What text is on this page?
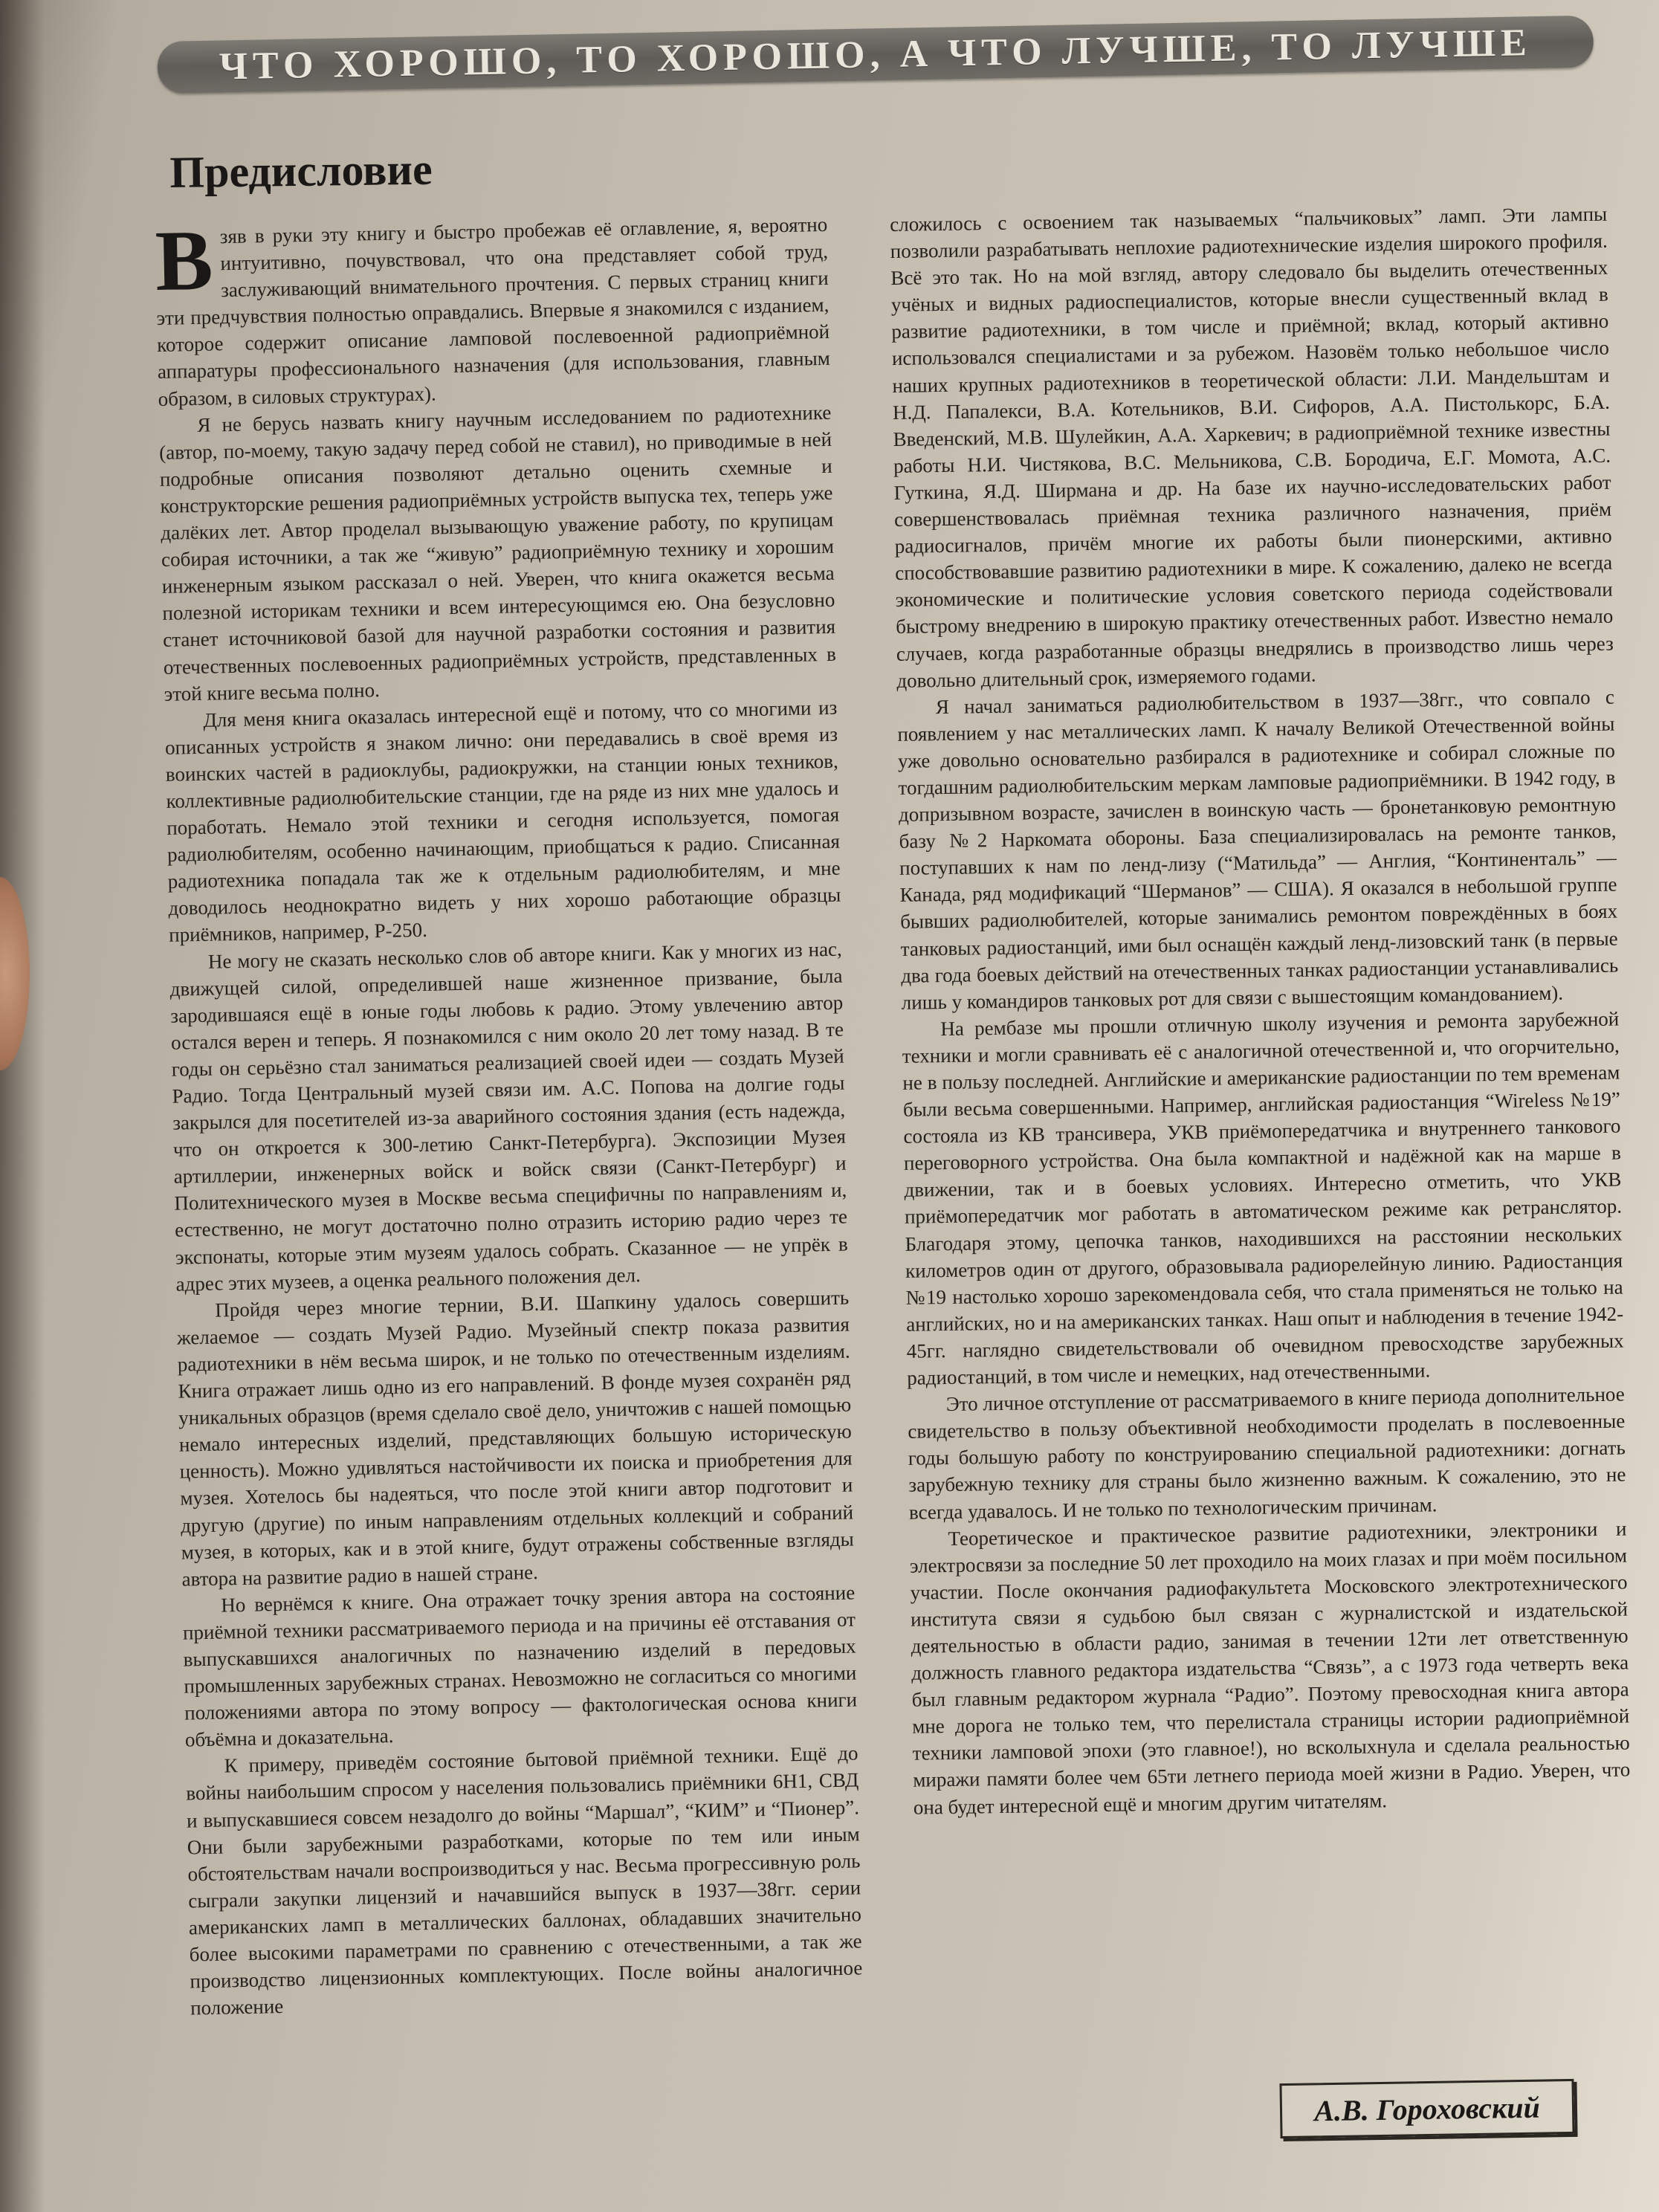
ЧТО ХОРОШО, ТО ХОРОШО, А ЧТО ЛУЧШЕ, ТО ЛУЧШЕ
Предисловие

Взяв в руки эту книгу и быстро пробежав её оглавление, я, вероятно интуитивно, почувствовал, что она представляет собой труд, заслуживающий внимательного прочтения. С первых страниц книги эти предчувствия полностью оправдались. Впервые я знакомился с изданием, которое содержит описание ламповой послевоенной радиоприёмной аппаратуры профессионального назначения (для использования, главным образом, в силовых структурах).

Я не берусь назвать книгу научным исследованием по радиотехнике (автор, по-моему, такую задачу перед собой не ставил), но приводимые в ней подробные описания позволяют детально оценить схемные и конструкторские решения радиоприёмных устройств выпуска тех, теперь уже далёких лет. Автор проделал вызывающую уважение работу, по крупицам собирая источники, а так же “живую” радиоприёмную технику и хорошим инженерным языком рассказал о ней. Уверен, что книга окажется весьма полезной историкам техники и всем интересующимся ею. Она безусловно станет источниковой базой для научной разработки состояния и развития отечественных послевоенных радиоприёмных устройств, представленных в этой книге весьма полно.

Для меня книга оказалась интересной ещё и потому, что со многими из описанных устройств я знаком лично: они передавались в своё время из воинских частей в радиоклубы, радиокружки, на станции юных техников, коллективные радиолюбительские станции, где на ряде из них мне удалось и поработать. Немало этой техники и сегодня используется, помогая радиолюбителям, особенно начинающим, приобщаться к радио. Списанная радиотехника попадала так же к отдельным радиолюбителям, и мне доводилось неоднократно видеть у них хорошо работающие образцы приёмников, например, Р-250.

Не могу не сказать несколько слов об авторе книги. Как у многих из нас, движущей силой, определившей наше жизненное призвание, была зародившаяся ещё в юные годы любовь к радио. Этому увлечению автор остался верен и теперь. Я познакомился с ним около 20 лет тому назад. В те годы он серьёзно стал заниматься реализацией своей идеи — создать Музей Радио. Тогда Центральный музей связи им. А.С. Попова на долгие годы закрылся для посетителей из-за аварийного состояния здания (есть надежда, что он откроется к 300-летию Санкт-Петербурга). Экспозиции Музея артиллерии, инженерных войск и войск связи (Санкт-Петербург) и Политехнического музея в Москве весьма специфичны по направлениям и, естественно, не могут достаточно полно отразить историю радио через те экспонаты, которые этим музеям удалось собрать. Сказанное — не упрёк в адрес этих музеев, а оценка реального положения дел.

Пройдя через многие тернии, В.И. Шапкину удалось совершить желаемое — создать Музей Радио. Музейный спектр показа развития радиотехники в нём весьма широк, и не только по отечественным изделиям. Книга отражает лишь одно из его направлений. В фонде музея сохранён ряд уникальных образцов (время сделало своё дело, уничтожив с нашей помощью немало интересных изделий, представляющих большую историческую ценность). Можно удивляться настойчивости их поиска и приобретения для музея. Хотелось бы надеяться, что после этой книги автор подготовит и другую (другие) по иным направлениям отдельных коллекций и собраний музея, в которых, как и в этой книге, будут отражены собственные взгляды автора на развитие радио в нашей стране.

Но вернёмся к книге. Она отражает точку зрения автора на состояние приёмной техники рассматриваемого периода и на причины её отставания от выпускавшихся аналогичных по назначению изделий в передовых промышленных зарубежных странах. Невозможно не согласиться со многими положениями автора по этому вопросу — фактологическая основа книги объёмна и доказательна.

К примеру, приведём состояние бытовой приёмной техники. Ещё до войны наибольшим спросом у населения пользовались приёмники 6Н1, СВД и выпускавшиеся совсем незадолго до войны “Маршал”, “КИМ” и “Пионер”. Они были зарубежными разработками, которые по тем или иным обстоятельствам начали воспроизводиться у нас. Весьма прогрессивную роль сыграли закупки лицензий и начавшийся выпуск в 1937—38гг. серии американских ламп в металлических баллонах, обладавших значительно более высокими параметрами по сравнению с отечественными, а так же производство лицензионных комплектующих. После войны аналогичное положение

сложилось с освоением так называемых “пальчиковых” ламп. Эти лампы позволили разрабатывать неплохие радиотехнические изделия широкого профиля. Всё это так. Но на мой взгляд, автору следовало бы выделить отечественных учёных и видных радиоспециалистов, которые внесли существенный вклад в развитие радиотехники, в том числе и приёмной; вклад, который активно использовался специалистами и за рубежом. Назовём только небольшое число наших крупных радиотехников в теоретической области: Л.И. Мандельштам и Н.Д. Папалекси, В.А. Котельников, В.И. Сифоров, А.А. Пистолькорс, Б.А. Введенский, М.В. Шулейкин, А.А. Харкевич; в радиоприёмной технике известны работы Н.И. Чистякова, В.С. Мельникова, С.В. Бородича, Е.Г. Момота, А.С. Гуткина, Я.Д. Ширмана и др. На базе их научно-исследовательских работ совершенствовалась приёмная техника различного назначения, приём радиосигналов, причём многие их работы были пионерскими, активно способствовавшие развитию радиотехники в мире. К сожалению, далеко не всегда экономические и политические условия советского периода содействовали быстрому внедрению в широкую практику отечественных работ. Известно немало случаев, когда разработанные образцы внедрялись в производство лишь через довольно длительный срок, измеряемого годами.

Я начал заниматься радиолюбительством в 1937—38гг., что совпало с появлением у нас металлических ламп. К началу Великой Отечественной войны уже довольно основательно разбирался в радиотехнике и собирал сложные по тогдашним радиолюбительским меркам ламповые радиоприёмники. В 1942 году, в допризывном возрасте, зачислен в воинскую часть — бронетанковую ремонтную базу №2 Наркомата обороны. База специализировалась на ремонте танков, поступавших к нам по ленд-лизу (“Матильда” — Англия, “Континенталь” — Канада, ряд модификаций “Шерманов” — США). Я оказался в небольшой группе бывших радиолюбителей, которые занимались ремонтом повреждённых в боях танковых радиостанций, ими был оснащён каждый ленд-лизовский танк (в первые два года боевых действий на отечественных танках радиостанции устанавливались лишь у командиров танковых рот для связи с вышестоящим командованием).

На рембазе мы прошли отличную школу изучения и ремонта зарубежной техники и могли сравнивать её с аналогичной отечественной и, что огорчительно, не в пользу последней. Английские и американские радиостанции по тем временам были весьма совершенными. Например, английская радиостанция “Wireless №19” состояла из КВ трансивера, УКВ приёмопередатчика и внутреннего танкового переговорного устройства. Она была компактной и надёжной как на марше в движении, так и в боевых условиях. Интересно отметить, что УКВ приёмопередатчик мог работать в автоматическом режиме как ретранслятор. Благодаря этому, цепочка танков, находившихся на расстоянии нескольких километров один от другого, образовывала радиорелейную линию. Радиостанция №19 настолько хорошо зарекомендовала себя, что стала применяться не только на английских, но и на американских танках. Наш опыт и наблюдения в течение 1942-45гг. наглядно свидетельствовали об очевидном превосходстве зарубежных радиостанций, в том числе и немецких, над отечественными.

Это личное отступление от рассматриваемого в книге периода дополнительное свидетельство в пользу объективной необходимости проделать в послевоенные годы большую работу по конструированию специальной радиотехники: догнать зарубежную технику для страны было жизненно важным. К сожалению, это не всегда удавалось. И не только по технологическим причинам.

Теоретическое и практическое развитие радиотехники, электроники и электросвязи за последние 50 лет проходило на моих глазах и при моём посильном участии. После окончания радиофакультета Московского электротехнического института связи я судьбою был связан с журналистской и издательской деятельностью в области радио, занимая в течении 12ти лет ответственную должность главного редактора издательства “Связь”, а с 1973 года четверть века был главным редактором журнала “Радио”. Поэтому превосходная книга автора мне дорога не только тем, что перелистала страницы истории радиоприёмной техники ламповой эпохи (это главное!), но всколыхнула и сделала реальностью миражи памяти более чем 65ти летнего периода моей жизни в Радио. Уверен, что она будет интересной ещё и многим другим читателям.

А.В. Гороховский
